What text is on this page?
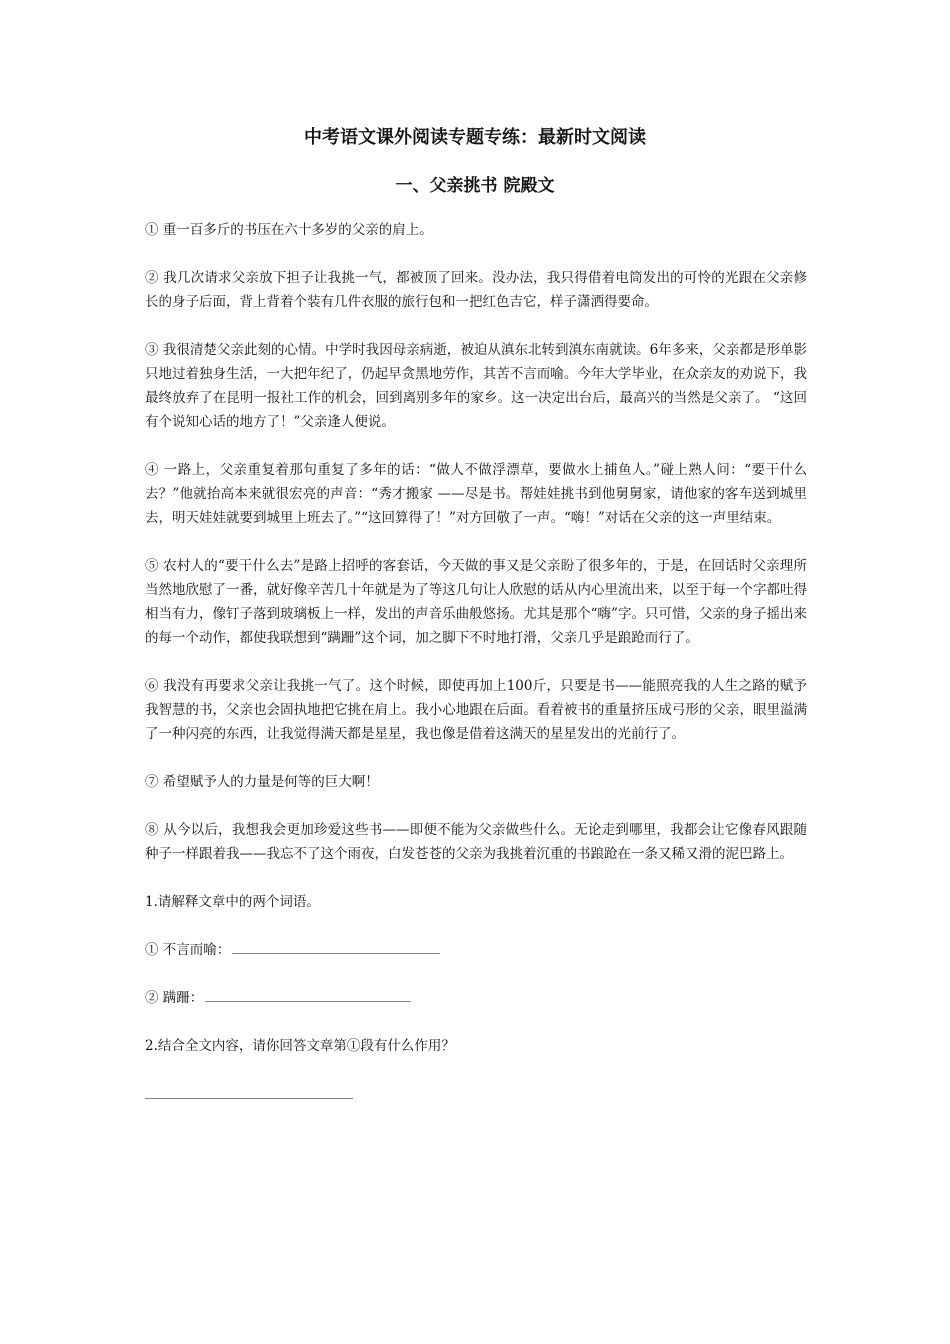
中考语文课外阅读专题专练：最新时文阅读
一、父亲挑书 院殿文

① 重一百多斤的书压在六十多岁的父亲的肩上。

② 我几次请求父亲放下担子让我挑一气，都被顶了回来。没办法，我只得借着电筒发出的可怜的光跟在父亲修长的身子后面，背上背着个装有几件衣服的旅行包和一把红色吉它，样子潇洒得要命。

③ 我很清楚父亲此刻的心情。中学时我因母亲病逝，被迫从滇东北转到滇东南就读。6年多来，父亲都是形单影只地过着独身生活，一大把年纪了，仍起早贪黑地劳作，其苦不言而喻。今年大学毕业，在众亲友的劝说下，我最终放弃了在昆明一报社工作的机会，回到离别多年的家乡。这一决定出台后，最高兴的当然是父亲了。 “这回有个说知心话的地方了！”父亲逢人便说。

④ 一路上，父亲重复着那句重复了多年的话：“做人不做浮漂草，要做水上捕鱼人。”碰上熟人问：“要干什么去？”他就抬高本来就很宏亮的声音：“秀才搬家 ——尽是书。帮娃娃挑书到他舅舅家，请他家的客车送到城里去，明天娃娃就要到城里上班去了。”“这回算得了！”对方回敬了一声。“嗨！”对话在父亲的这一声里结束。

⑤ 农村人的“要干什么去”是路上招呼的客套话，今天做的事又是父亲盼了很多年的，于是，在回话时父亲理所当然地欣慰了一番，就好像辛苦几十年就是为了等这几句让人欣慰的话从内心里流出来，以至于每一个字都吐得相当有力，像钉子落到玻璃板上一样，发出的声音乐曲般悠扬。尤其是那个“嗨”字。只可惜，父亲的身子摇出来的每一个动作，都使我联想到“蹒跚”这个词，加之脚下不时地打滑，父亲几乎是踉跄而行了。

⑥ 我没有再要求父亲让我挑一气了。这个时候，即使再加上100斤，只要是书——能照亮我的人生之路的赋予我智慧的书，父亲也会固执地把它挑在肩上。我小心地跟在后面。看着被书的重量挤压成弓形的父亲，眼里溢满了一种闪亮的东西，让我觉得满天都是星星，我也像是借着这满天的星星发出的光前行了。

⑦ 希望赋予人的力量是何等的巨大啊！

⑧ 从今以后，我想我会更加珍爱这些书——即便不能为父亲做些什么。无论走到哪里，我都会让它像春风跟随种子一样跟着我——我忘不了这个雨夜，白发苍苍的父亲为我挑着沉重的书踉跄在一条又稀又滑的泥巴路上。

1.请解释文章中的两个词语。

① 不言而喻：

② 蹒跚：

2.结合全文内容，请你回答文章第①段有什么作用？
